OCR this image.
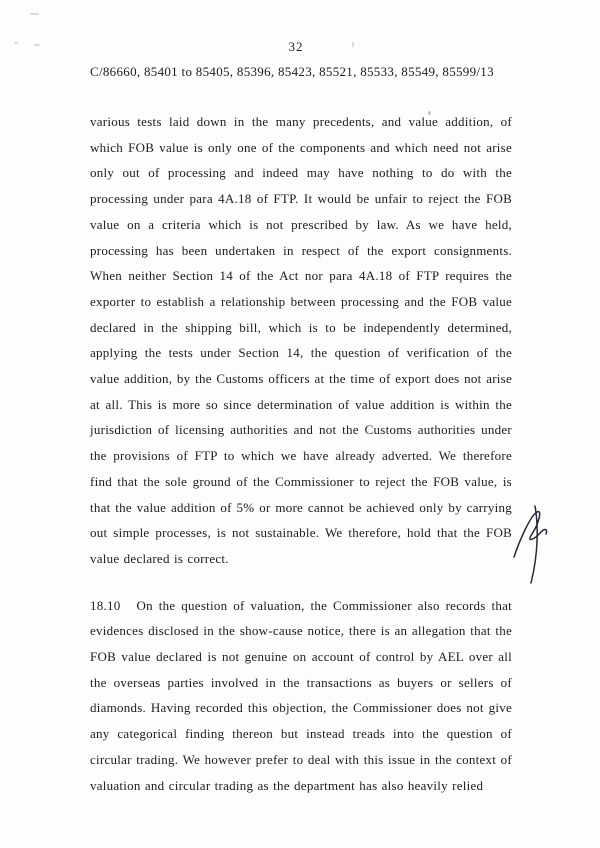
32
C/86660, 85401 to 85405, 85396, 85423, 85521, 85533, 85549, 85599/13

various tests laid down in the many precedents, and value addition, of which FOB value is only one of the components and which need not arise only out of processing and indeed may have nothing to do with the processing under para 4A.18 of FTP. It would be unfair to reject the FOB value on a criteria which is not prescribed by law. As we have held, processing has been undertaken in respect of the export consignments. When neither Section 14 of the Act nor para 4A.18 of FTP requires the exporter to establish a relationship between processing and the FOB value declared in the shipping bill, which is to be independently determined, applying the tests under Section 14, the question of verification of the value addition, by the Customs officers at the time of export does not arise at all. This is more so since determination of value addition is within the jurisdiction of licensing authorities and not the Customs authorities under the provisions of FTP to which we have already adverted. We therefore find that the sole ground of the Commissioner to reject the FOB value, is that the value addition of 5% or more cannot be achieved only by carrying out simple processes, is not sustainable. We therefore, hold that the FOB value declared is correct.

18.10 On the question of valuation, the Commissioner also records that evidences disclosed in the show-cause notice, there is an allegation that the FOB value declared is not genuine on account of control by AEL over all the overseas parties involved in the transactions as buyers or sellers of diamonds. Having recorded this objection, the Commissioner does not give any categorical finding thereon but instead treads into the question of circular trading. We however prefer to deal with this issue in the context of valuation and circular trading as the department has also heavily relied
